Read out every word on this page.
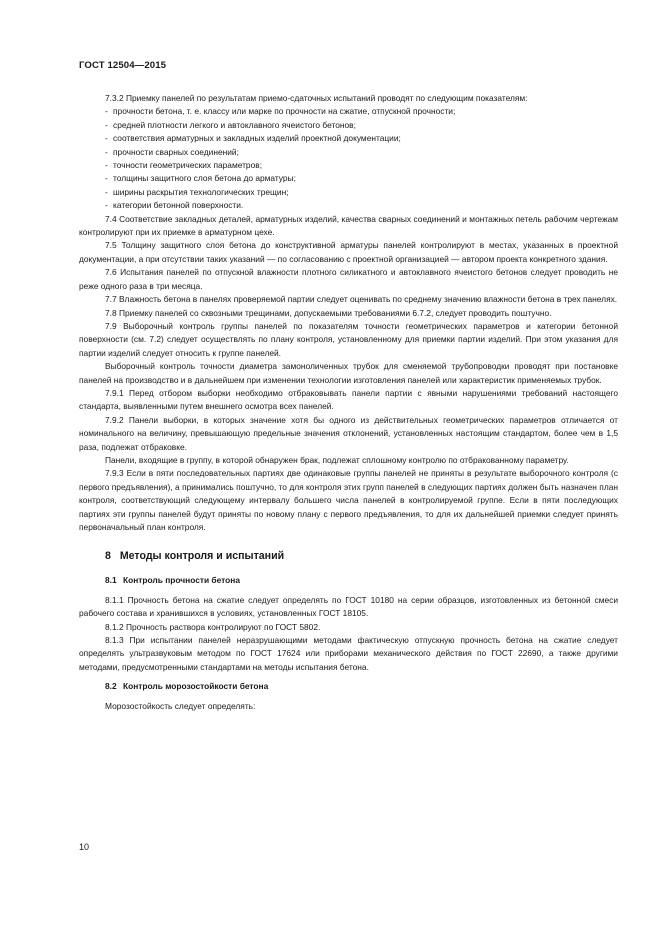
ГОСТ 12504—2015
7.3.2 Приемку панелей по результатам приемо-сдаточных испытаний проводят по следующим показателям:
- прочности бетона, т. е. классу или марке по прочности на сжатие, отпускной прочности;
- средней плотности легкого и автоклавного ячеистого бетонов;
- соответствия арматурных и закладных изделий проектной документации;
- прочности сварных соединений;
- точности геометрических параметров;
- толщины защитного слоя бетона до арматуры;
- ширины раскрытия технологических трещин;
- категории бетонной поверхности.
7.4 Соответствие закладных деталей, арматурных изделий, качества сварных соединений и монтажных петель рабочим чертежам контролируют при их приемке в арматурном цехе.
7.5 Толщину защитного слоя бетона до конструктивной арматуры панелей контролируют в местах, указанных в проектной документации, а при отсутствии таких указаний — по согласованию с проектной организацией — автором проекта конкретного здания.
7.6 Испытания панелей по отпускной влажности плотного силикатного и автоклавного ячеистого бетонов следует проводить не реже одного раза в три месяца.
7.7 Влажность бетона в панелях проверяемой партии следует оценивать по среднему значению влажности бетона в трех панелях.
7.8 Приемку панелей со сквозными трещинами, допускаемыми требованиями 6.7.2, следует проводить поштучно.
7.9 Выборочный контроль группы панелей по показателям точности геометрических параметров и категории бетонной поверхности (см. 7.2) следует осуществлять по плану контроля, установленному для приемки партии изделий. При этом указания для партии изделий следует относить к группе панелей.
Выборочный контроль точности диаметра замоноличенных трубок для сменяемой трубопроводки проводят при постановке панелей на производство и в дальнейшем при изменении технологии изготовления панелей или характеристик применяемых трубок.
7.9.1 Перед отбором выборки необходимо отбраковывать панели партии с явными нарушениями требований настоящего стандарта, выявленными путем внешнего осмотра всех панелей.
7.9.2 Панели выборки, в которых значение хотя бы одного из действительных геометрических параметров отличается от номинального на величину, превышающую предельные значения отклонений, установленных настоящим стандартом, более чем в 1,5 раза, подлежат отбраковке.
Панели, входящие в группу, в которой обнаружен брак, подлежат сплошному контролю по отбракованному параметру.
7.9.3 Если в пяти последовательных партиях две одинаковые группы панелей не приняты в результате выборочного контроля (с первого предъявления), а принимались поштучно, то для контроля этих групп панелей в следующих партиях должен быть назначен план контроля, соответствующий следующему интервалу большего числа панелей в контролируемой группе. Если в пяти последующих партиях эти группы панелей будут приняты по новому плану с первого предъявления, то для их дальнейшей приемки следует принять первоначальный план контроля.
8 Методы контроля и испытаний
8.1 Контроль прочности бетона
8.1.1 Прочность бетона на сжатие следует определять по ГОСТ 10180 на серии образцов, изготовленных из бетонной смеси рабочего состава и хранившихся в условиях, установленных ГОСТ 18105.
8.1.2 Прочность раствора контролируют по ГОСТ 5802.
8.1.3 При испытании панелей неразрушающими методами фактическую отпускную прочность бетона на сжатие следует определять ультразвуковым методом по ГОСТ 17624 или приборами механического действия по ГОСТ 22690, а также другими методами, предусмотренными стандартами на методы испытания бетона.
8.2 Контроль морозостойкости бетона
Морозостойкость следует определять:
10
